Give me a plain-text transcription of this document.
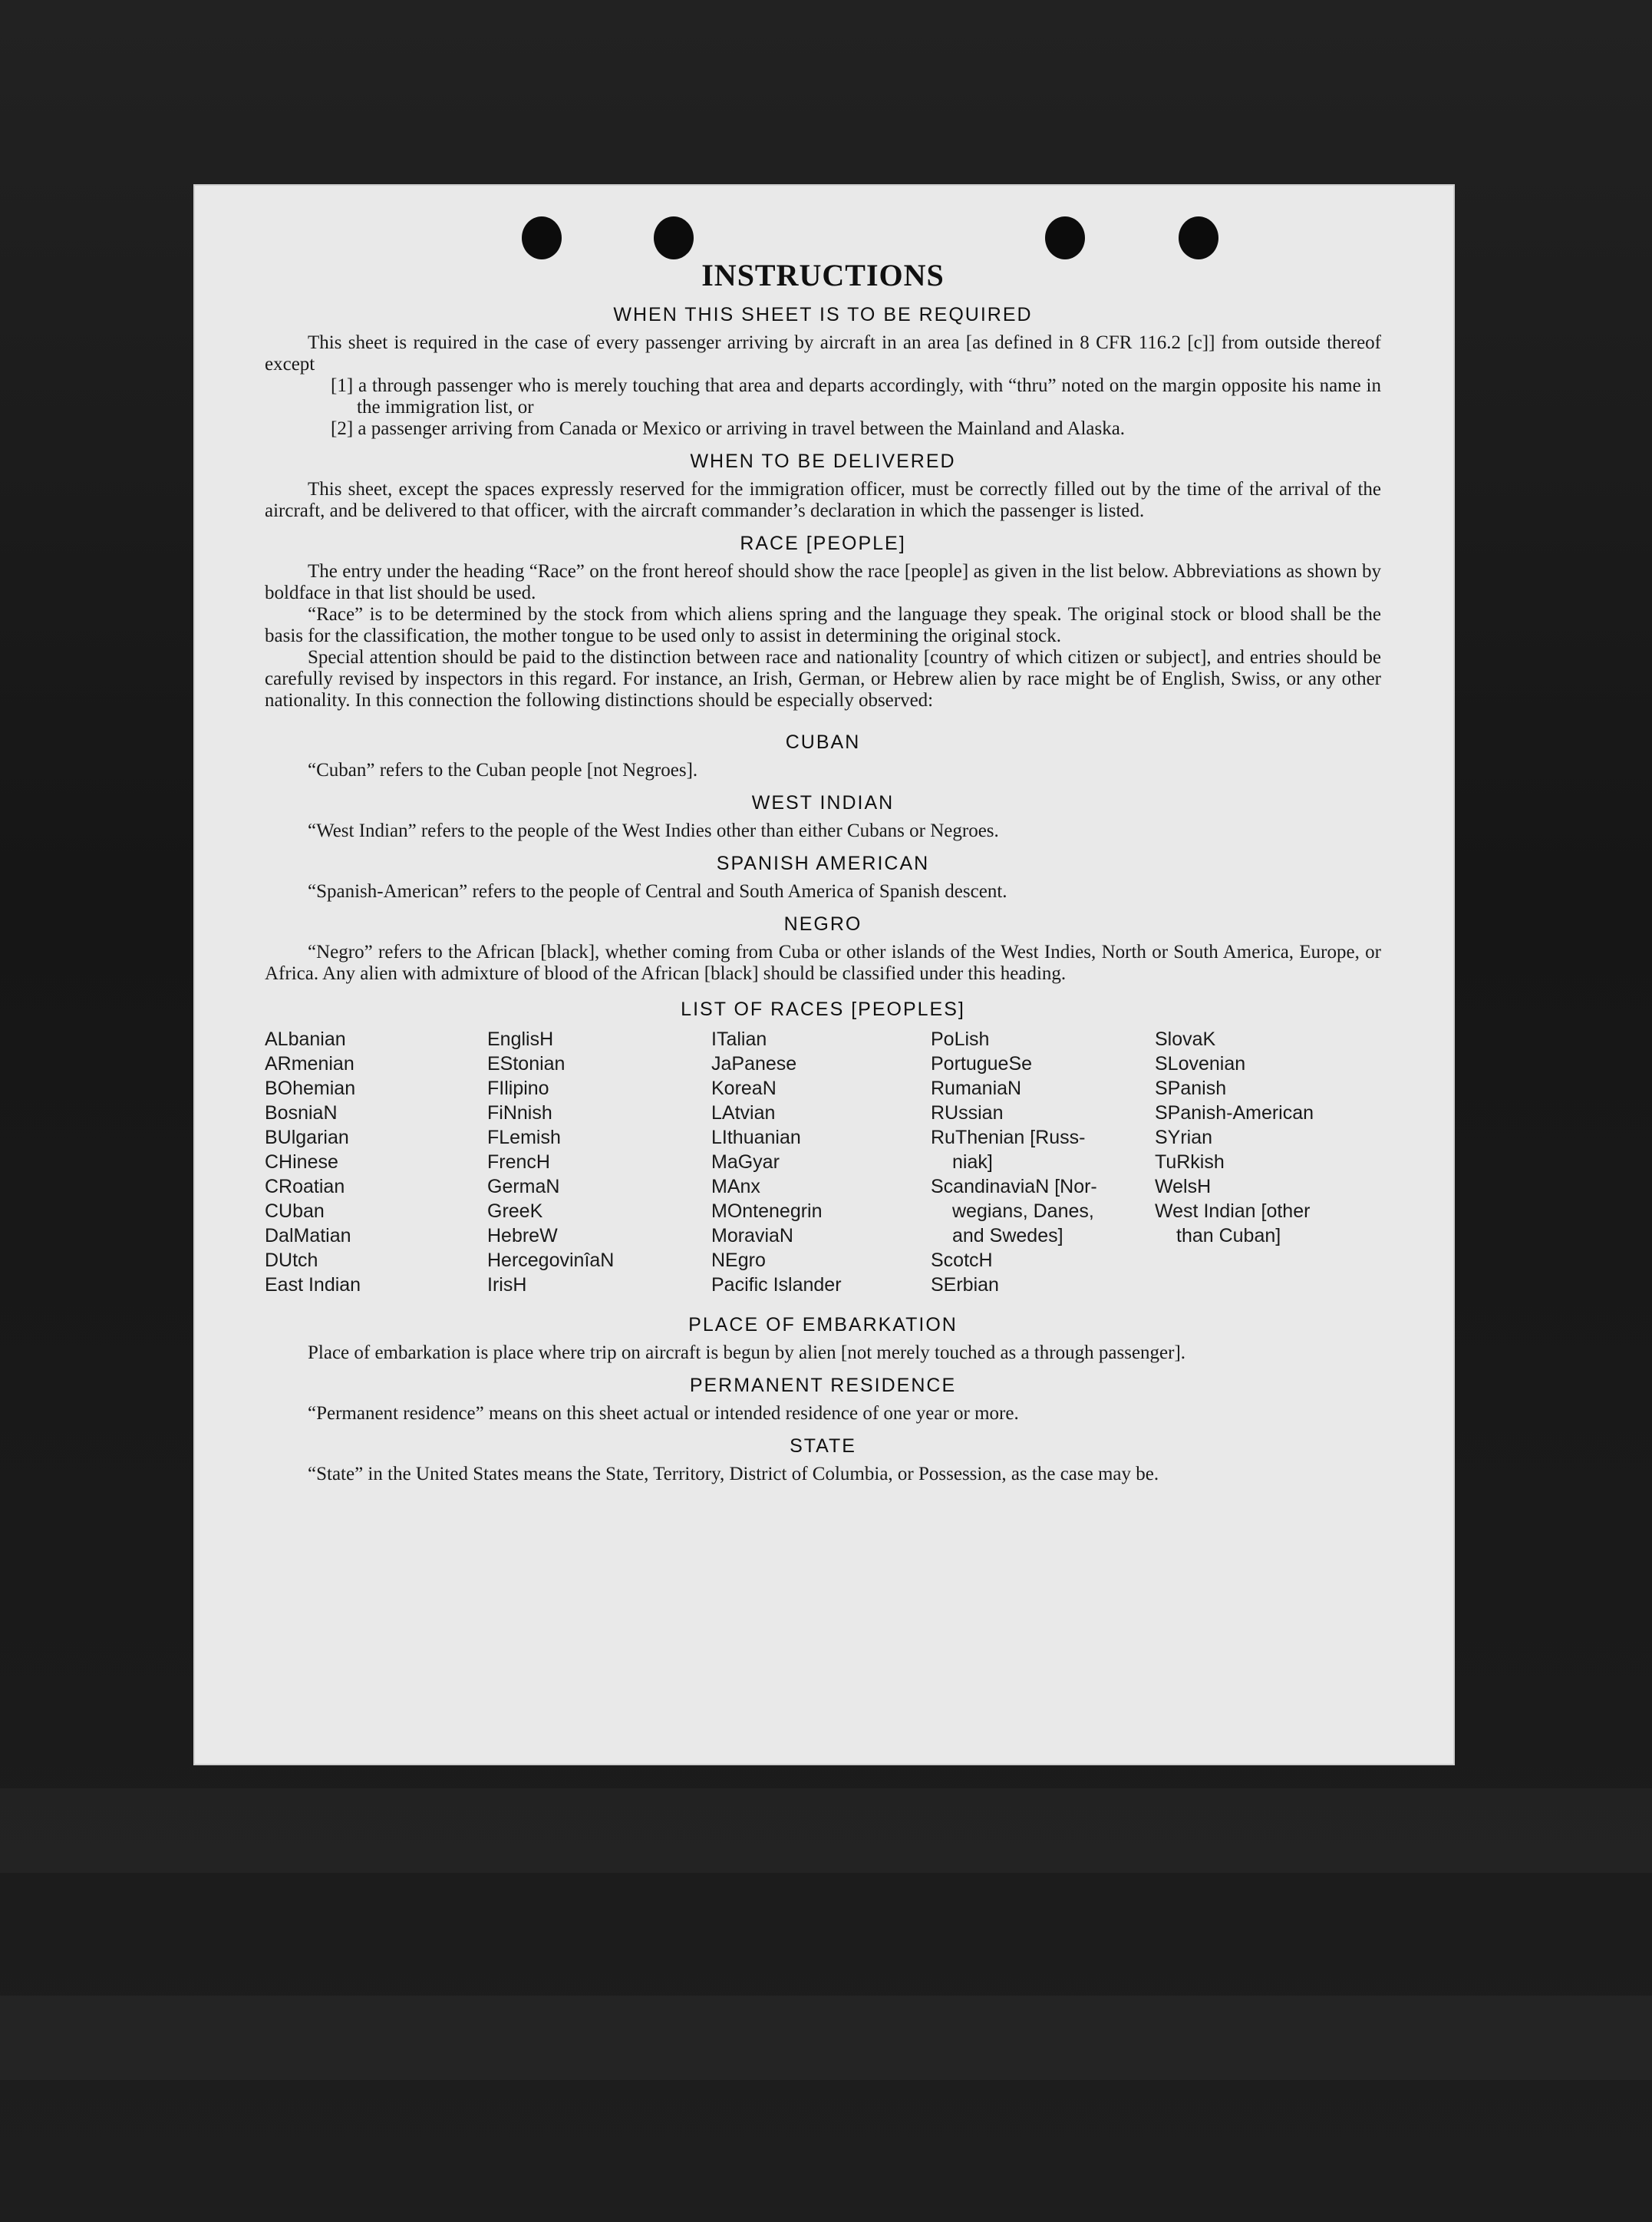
INSTRUCTIONS
WHEN THIS SHEET IS TO BE REQUIRED

This sheet is required in the case of every passenger arriving by aircraft in an area [as defined in 8 CFR 116.2 [c]] from outside thereof except

[1] a through passenger who is merely touching that area and departs accordingly, with “thru” noted on the margin opposite his name in the immigration list, or
[2] a passenger arriving from Canada or Mexico or arriving in travel between the Mainland and Alaska.
WHEN TO BE DELIVERED

This sheet, except the spaces expressly reserved for the immigration officer, must be correctly filled out by the time of the arrival of the aircraft, and be delivered to that officer, with the aircraft commander’s declaration in which the passenger is listed.

RACE [PEOPLE]

The entry under the heading “Race” on the front hereof should show the race [people] as given in the list below. Abbreviations as shown by boldface in that list should be used.

“Race” is to be determined by the stock from which aliens spring and the language they speak. The original stock or blood shall be the basis for the classification, the mother tongue to be used only to assist in determining the original stock.

Special attention should be paid to the distinction between race and nationality [country of which citizen or subject], and entries should be carefully revised by inspectors in this regard. For instance, an Irish, German, or Hebrew alien by race might be of English, Swiss, or any other nationality. In this connection the following distinctions should be especially observed:

CUBAN

“Cuban” refers to the Cuban people [not Negroes].

WEST INDIAN

“West Indian” refers to the people of the West Indies other than either Cubans or Negroes.

SPANISH AMERICAN

“Spanish-American” refers to the people of Central and South America of Spanish descent.

NEGRO

“Negro” refers to the African [black], whether coming from Cuba or other islands of the West Indies, North or South America, Europe, or Africa. Any alien with admixture of blood of the African [black] should be classified under this heading.

LIST OF RACES [PEOPLES]
ALbanian
ARmenian
BOhemian
BosniaN
BUlgarian
CHinese
CRoatian
CUban
DalMatian
DUtch
East Indian
EnglisH
EStonian
FIlipino
FiNnish
FLemish
FrencH
GermaN
GreeK
HebreW
HercegovinîaN
IrisH
ITalian
JaPanese
KoreaN
LAtvian
LIthuanian
MaGyar
MAnx
MOntenegrin
MoraviaN
NEgro
Pacific Islander
PoLish
PortugueSe
RumaniaN
RUssian
RuThenian [Russ-
niak]
ScandinaviaN [Nor-
wegians, Danes,
and Swedes]
ScotcH
SErbian
SlovaK
SLovenian
SPanish
SPanish-American
SYrian
TuRkish
WelsH
West Indian [other
than Cuban]
PLACE OF EMBARKATION

Place of embarkation is place where trip on aircraft is begun by alien [not merely touched as a through passenger].

PERMANENT RESIDENCE

“Permanent residence” means on this sheet actual or intended residence of one year or more.

STATE

“State” in the United States means the State, Territory, District of Columbia, or Possession, as the case may be.
